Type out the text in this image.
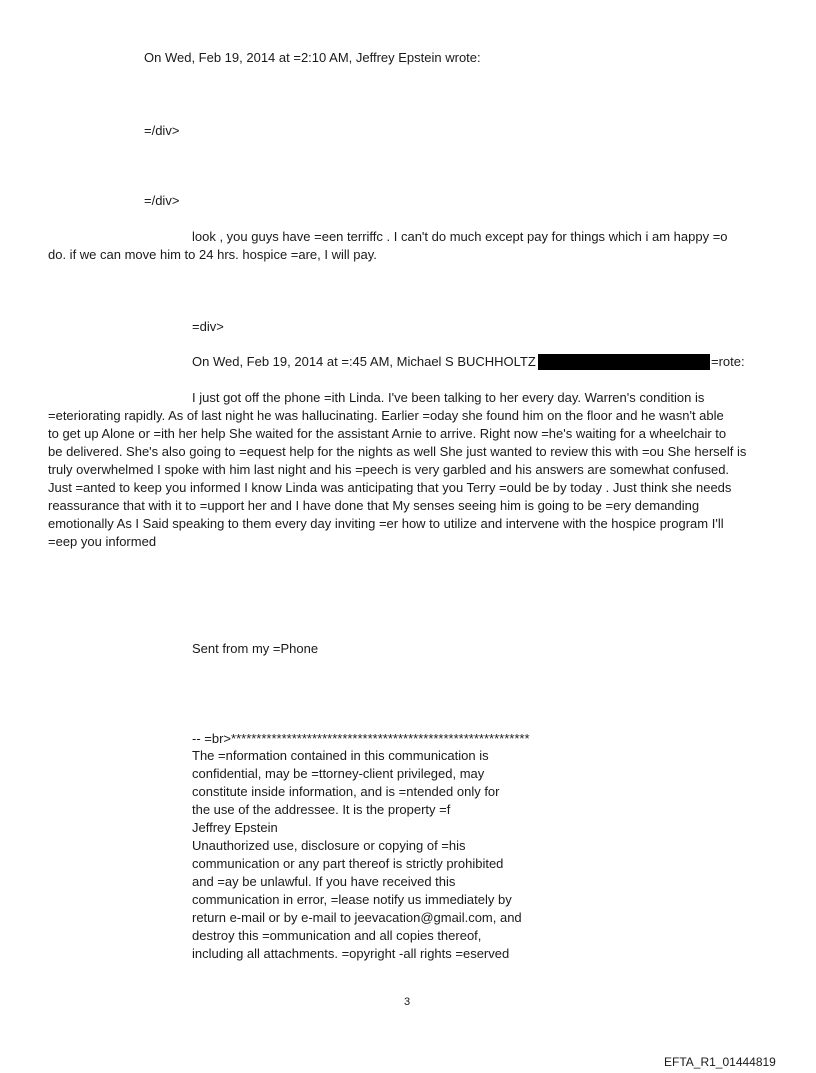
On Wed, Feb 19, 2014 at =2:10 AM, Jeffrey Epstein wrote:
=/div>
=/div>
look , you guys have =een terriffc . I can't do much except pay for things which i am happy =o
do. if we can move him to 24 hrs. hospice =are, I will pay.
=div>
On Wed, Feb 19, 2014 at =:45 AM, Michael S BUCHHOLTZ	=rote:
I just got off the phone =ith Linda. I've been talking to her every day. Warren's condition is
=eteriorating rapidly. As of last night he was hallucinating. Earlier =oday she found him on the floor and he wasn't able
to get up Alone or =ith her help She waited for the assistant Arnie to arrive. Right now =he's waiting for a wheelchair to
be delivered. She's also going to =equest help for the nights as well She just wanted to review this with =ou She herself is
truly overwhelmed I spoke with him last night and his =peech is very garbled and his answers are somewhat confused.
Just =anted to keep you informed I know Linda was anticipating that you Terry =ould be by today . Just think she needs
reassurance that with it to =upport her and I have done that My senses seeing him is going to be =ery demanding
emotionally As I Said speaking to them every day inviting =er how to utilize and intervene with the hospice program I'll
=eep you informed
Sent from my =Phone
-- =br>***********************************************************
The =nformation contained in this communication is
confidential, may be =ttorney-client privileged, may
constitute inside information, and is =ntended only for
the use of the addressee. It is the property =f
Jeffrey Epstein
Unauthorized use, disclosure or copying of =his
communication or any part thereof is strictly prohibited
and =ay be unlawful. If you have received this
communication in error, =lease notify us immediately by
return e-mail or by e-mail to jeevacation@gmail.com, and
destroy this =ommunication and all copies thereof,
including all attachments. =opyright -all rights =eserved
3
EFTA_R1_01444819
